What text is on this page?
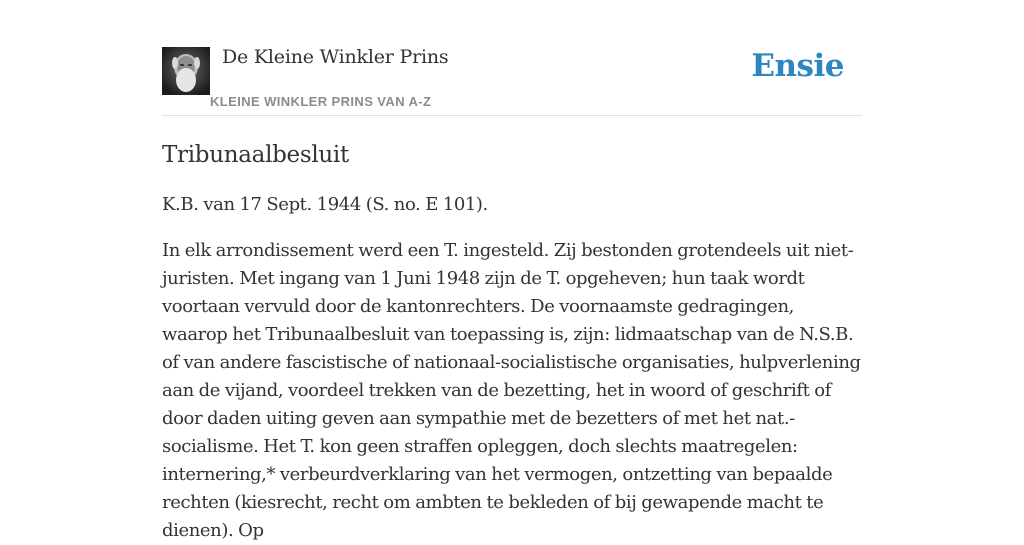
De Kleine Winkler Prins
KLEINE WINKLER PRINS VAN A-Z
Ensie
Tribunaalbesluit

K.B. van 17 Sept. 1944 (S. no. E 101).

In elk arrondissement werd een T. ingesteld. Zij bestonden grotendeels uit niet-juristen. Met ingang van 1 Juni 1948 zijn de T. opgeheven; hun taak wordt voortaan vervuld door de kantonrechters. De voornaamste gedragingen, waarop het Tribunaalbesluit van toepassing is, zijn: lidmaatschap van de N.S.B. of van andere fascistische of nationaal-socialistische organisaties, hulpverlening aan de vijand, voordeel trekken van de bezetting, het in woord of geschrift of door daden uiting geven aan sympathie met de bezetters of met het nat.-socialisme. Het T. kon geen straffen opleggen, doch slechts maatregelen: internering,* verbeurdverklaring van het vermogen, ontzetting van bepaalde rechten (kiesrecht, recht om ambten te bekleden of bij gewapende macht te dienen). Op
